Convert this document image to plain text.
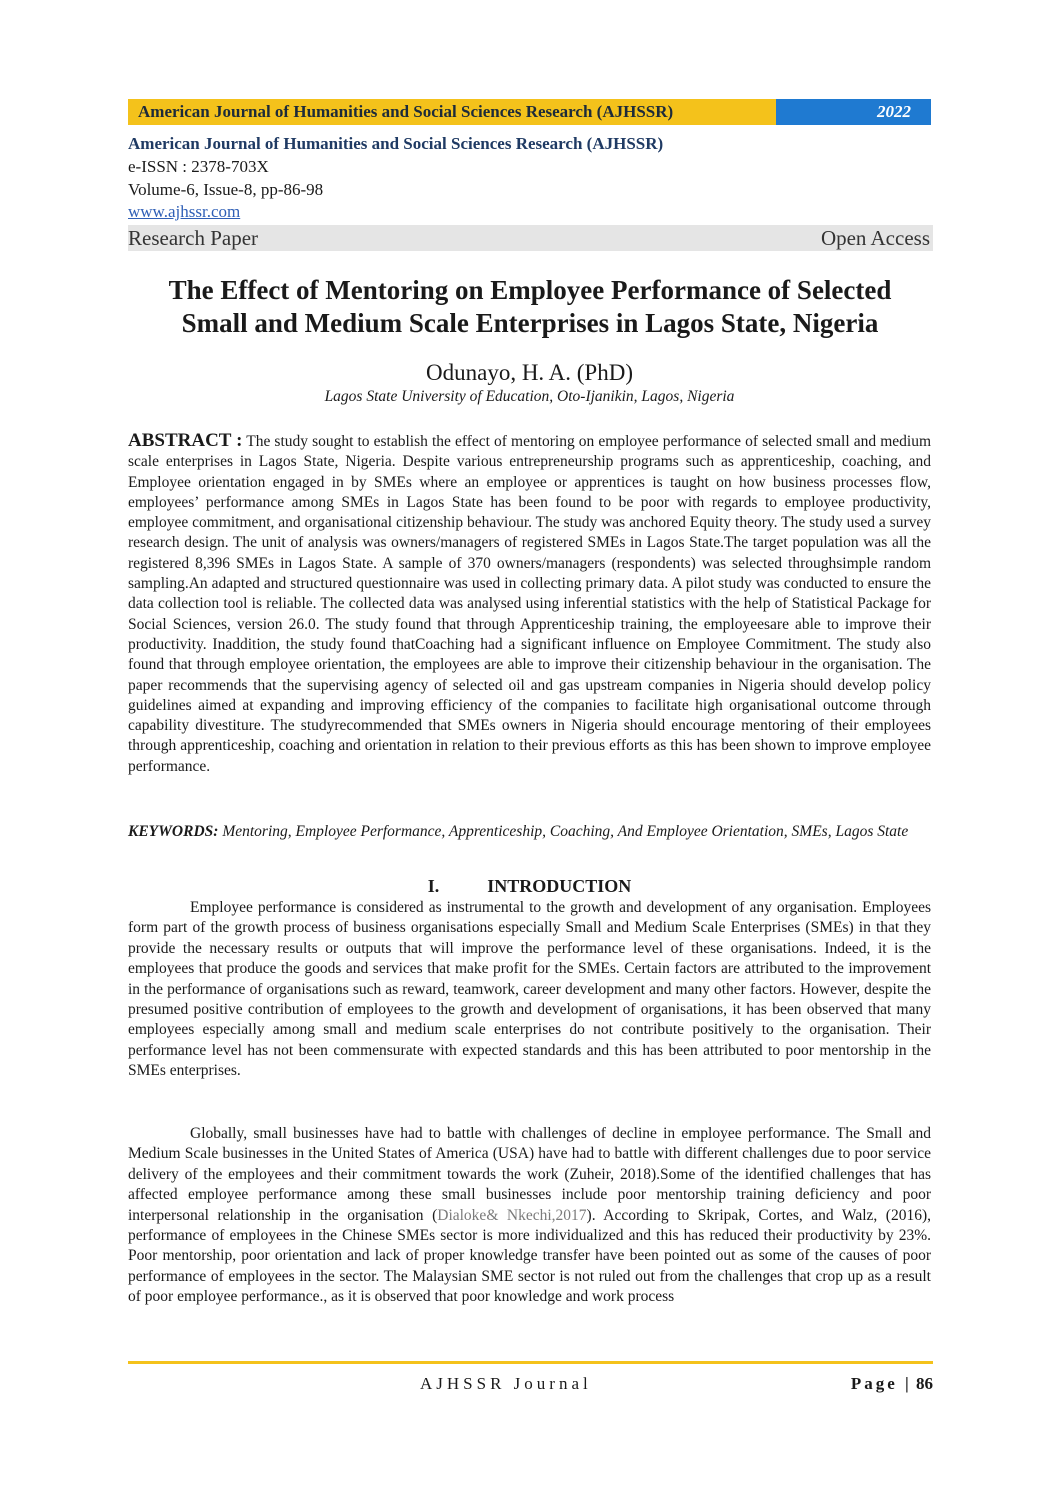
American Journal of Humanities and Social Sciences Research (AJHSSR)	2022
American Journal of Humanities and Social Sciences Research (AJHSSR)
e-ISSN : 2378-703X
Volume-6, Issue-8, pp-86-98
www.ajhssr.com
Research Paper	Open Access
The Effect of Mentoring on Employee Performance of Selected
Small and Medium Scale Enterprises in Lagos State, Nigeria
Odunayo, H. A. (PhD)
Lagos State University of Education, Oto-Ijanikin, Lagos, Nigeria
ABSTRACT : The study sought to establish the effect of mentoring on employee performance of selected small and medium scale enterprises in Lagos State, Nigeria. Despite various entrepreneurship programs such as apprenticeship, coaching, and Employee orientation engaged in by SMEs where an employee or apprentices is taught on how business processes flow, employees’ performance among SMEs in Lagos State has been found to be poor with regards to employee productivity, employee commitment, and organisational citizenship behaviour. The study was anchored Equity theory. The study used a survey research design. The unit of analysis was owners/managers of registered SMEs in Lagos State.The target population was all the registered 8,396 SMEs in Lagos State. A sample of 370 owners/managers (respondents) was selected throughsimple random sampling.An adapted and structured questionnaire was used in collecting primary data. A pilot study was conducted to ensure the data collection tool is reliable. The collected data was analysed using inferential statistics with the help of Statistical Package for Social Sciences, version 26.0. The study found that through Apprenticeship training, the employeesare able to improve their productivity. Inaddition, the study found thatCoaching had a significant influence on Employee Commitment. The study also found that through employee orientation, the employees are able to improve their citizenship behaviour in the organisation. The paper recommends that the supervising agency of selected oil and gas upstream companies in Nigeria should develop policy guidelines aimed at expanding and improving efficiency of the companies to facilitate high organisational outcome through capability divestiture. The studyrecommended that SMEs owners in Nigeria should encourage mentoring of their employees through apprenticeship, coaching and orientation in relation to their previous efforts as this has been shown to improve employee performance.
KEYWORDS: Mentoring, Employee Performance, Apprenticeship, Coaching, And Employee Orientation, SMEs, Lagos State
I.	INTRODUCTION
Employee performance is considered as instrumental to the growth and development of any organisation. Employees form part of the growth process of business organisations especially Small and Medium Scale Enterprises (SMEs) in that they provide the necessary results or outputs that will improve the performance level of these organisations. Indeed, it is the employees that produce the goods and services that make profit for the SMEs. Certain factors are attributed to the improvement in the performance of organisations such as reward, teamwork, career development and many other factors. However, despite the presumed positive contribution of employees to the growth and development of organisations, it has been observed that many employees especially among small and medium scale enterprises do not contribute positively to the organisation. Their performance level has not been commensurate with expected standards and this has been attributed to poor mentorship in the SMEs enterprises.
Globally, small businesses have had to battle with challenges of decline in employee performance. The Small and Medium Scale businesses in the United States of America (USA) have had to battle with different challenges due to poor service delivery of the employees and their commitment towards the work (Zuheir, 2018).Some of the identified challenges that has affected employee performance among these small businesses include poor mentorship training deficiency and poor interpersonal relationship in the organisation (Dialoke& Nkechi,2017). According to Skripak, Cortes, and Walz, (2016), performance of employees in the Chinese SMEs sector is more individualized and this has reduced their productivity by 23%. Poor mentorship, poor orientation and lack of proper knowledge transfer have been pointed out as some of the causes of poor performance of employees in the sector. The Malaysian SME sector is not ruled out from the challenges that crop up as a result of poor employee performance., as it is observed that poor knowledge and work process
AJHSSR Journal	Page | 86
